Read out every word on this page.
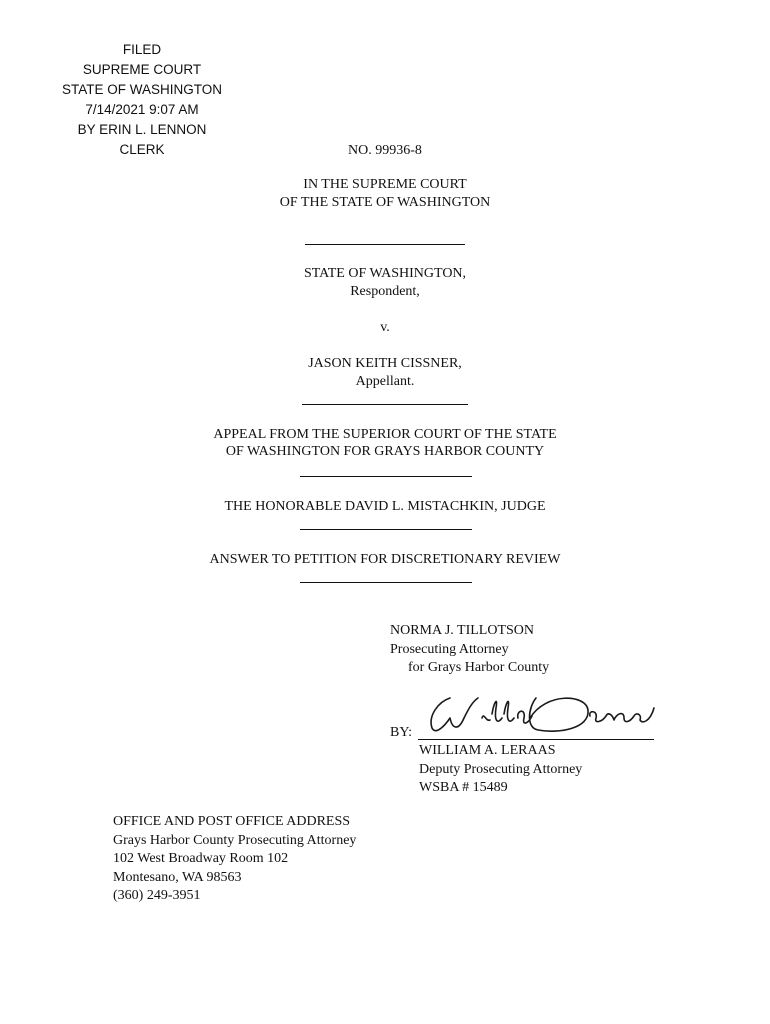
FILED
SUPREME COURT
STATE OF WASHINGTON
7/14/2021 9:07 AM
BY ERIN L. LENNON
CLERK	NO. 99936-8
IN THE SUPREME COURT
OF THE STATE OF WASHINGTON
STATE OF WASHINGTON,
Respondent,
v.
JASON KEITH CISSNER,
Appellant.
APPEAL FROM THE SUPERIOR COURT OF THE STATE
OF WASHINGTON FOR GRAYS HARBOR COUNTY
THE HONORABLE DAVID L. MISTACHKIN, JUDGE
ANSWER TO PETITION FOR DISCRETIONARY REVIEW
NORMA J. TILLOTSON
Prosecuting Attorney
for Grays Harbor County
BY:
WILLIAM A. LERAAS
Deputy Prosecuting Attorney
WSBA # 15489
OFFICE AND POST OFFICE ADDRESS
Grays Harbor County Prosecuting Attorney
102 West Broadway Room 102
Montesano, WA 98563
(360) 249-3951
